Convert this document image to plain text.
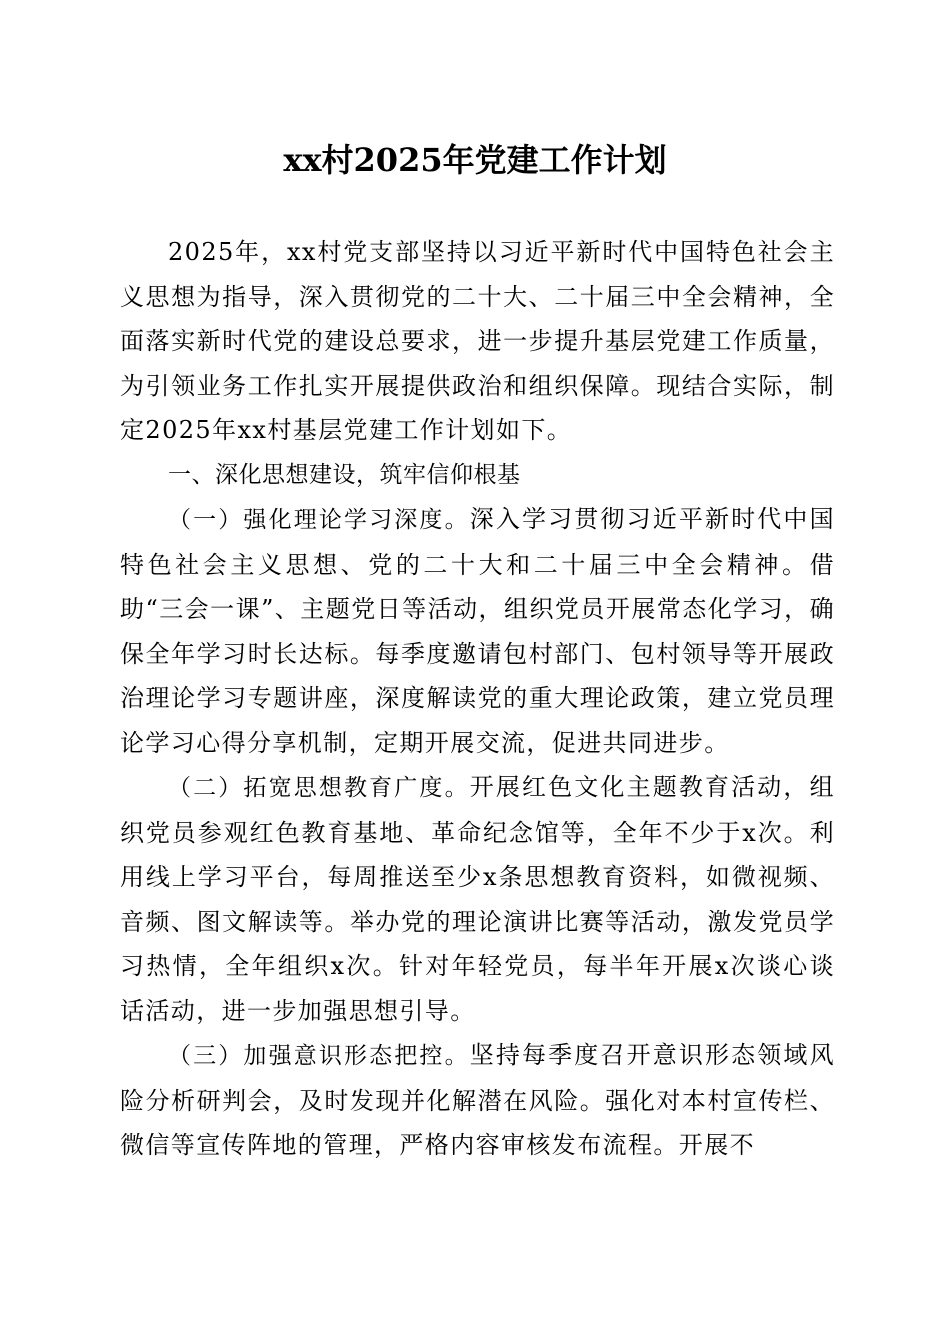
xx村2025年党建工作计划

2025年，xx村党支部坚持以习近平新时代中国特色社会主义思想为指导，深入贯彻党的二十大、二十届三中全会精神，全面落实新时代党的建设总要求，进一步提升基层党建工作质量，为引领业务工作扎实开展提供政治和组织保障。现结合实际，制定2025年xx村基层党建工作计划如下。

一、深化思想建设，筑牢信仰根基

（一）强化理论学习深度。深入学习贯彻习近平新时代中国特色社会主义思想、党的二十大和二十届三中全会精神。借助“三会一课”、主题党日等活动，组织党员开展常态化学习，确保全年学习时长达标。每季度邀请包村部门、包村领导等开展政治理论学习专题讲座，深度解读党的重大理论政策，建立党员理论学习心得分享机制，定期开展交流，促进共同进步。

（二）拓宽思想教育广度。开展红色文化主题教育活动，组织党员参观红色教育基地、革命纪念馆等，全年不少于x次。利用线上学习平台，每周推送至少x条思想教育资料，如微视频、音频、图文解读等。举办党的理论演讲比赛等活动，激发党员学习热情，全年组织x次。针对年轻党员，每半年开展x次谈心谈话活动，进一步加强思想引导。

（三）加强意识形态把控。坚持每季度召开意识形态领域风险分析研判会，及时发现并化解潜在风险。强化对本村宣传栏、微信等宣传阵地的管理，严格内容审核发布流程。开展不
